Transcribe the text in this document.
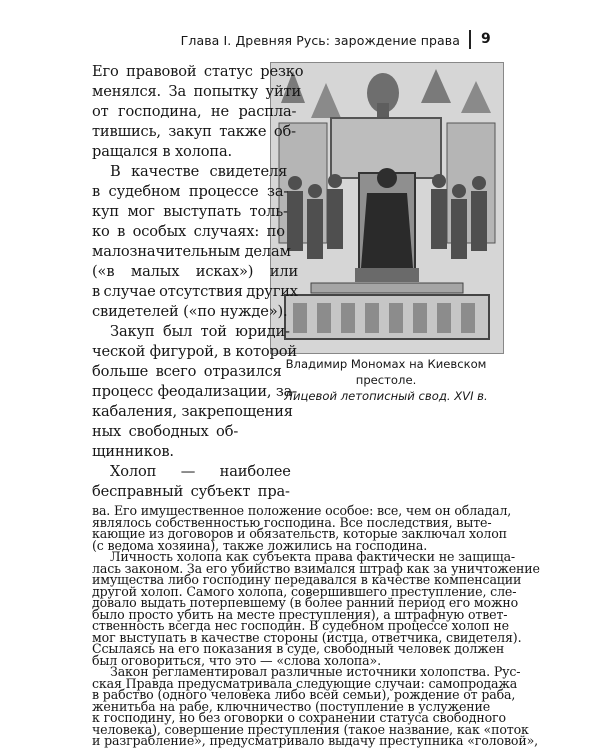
Глава I. Древняя Русь: зарождение права 9
Владимир Мономах на Киевском престоле.
Лицевой летописный свод. XVI в.
Его правовой статус резко
менялся. За попытку уйти
от господина, не распла-
тившись, закуп также об-
ращался в холопа.
В качестве свидетеля
в судебном процессе за-
куп мог выступать толь-
ко в особых случаях: по
малозначительным делам
(«в малых исках») или
в случае отсутствия других
свидетелей («по нужде»).
Закуп был той юриди-
ческой фигурой, в которой
больше всего отразился
процесс феодализации, за-
кабаления, закрепощения
ных свободных об-
щинников.
Холоп — наиболее
бесправный субъект пра-
ва. Его имущественное положение особое: все, чем он обладал,
являлось собственностью господина. Все последствия, выте-
кающие из договоров и обязательств, которые заключал холоп
(с ведома хозяина), также ложились на господина.
Личность холопа как субъекта права фактически не защища-
лась законом. За его убийство взимался штраф как за уничтожение
имущества либо господину передавался в качестве компенсации
другой холоп. Самого холопа, совершившего преступление, сле-
довало выдать потерпевшему (в более ранний период его можно
было просто убить на месте преступления), а штрафную ответ-
ственность всегда нес господин. В судебном процессе холоп не
мог выступать в качестве стороны (истца, ответчика, свидетеля).
Ссылаясь на его показания в суде, свободный человек должен
был оговориться, что это — «слова холопа».
Закон регламентировал различные источники холопства. Рус-
ская Правда предусматривала следующие случаи: самопродажа
в рабство (одного человека либо всей семьи), рождение от раба,
женитьба на рабе, ключничество (поступление в услужение
к господину, но без оговорки о сохранении статуса свободного
человека), совершение преступления (такое название, как «поток
и разграбление», предусматривало выдачу преступника «головой»,
